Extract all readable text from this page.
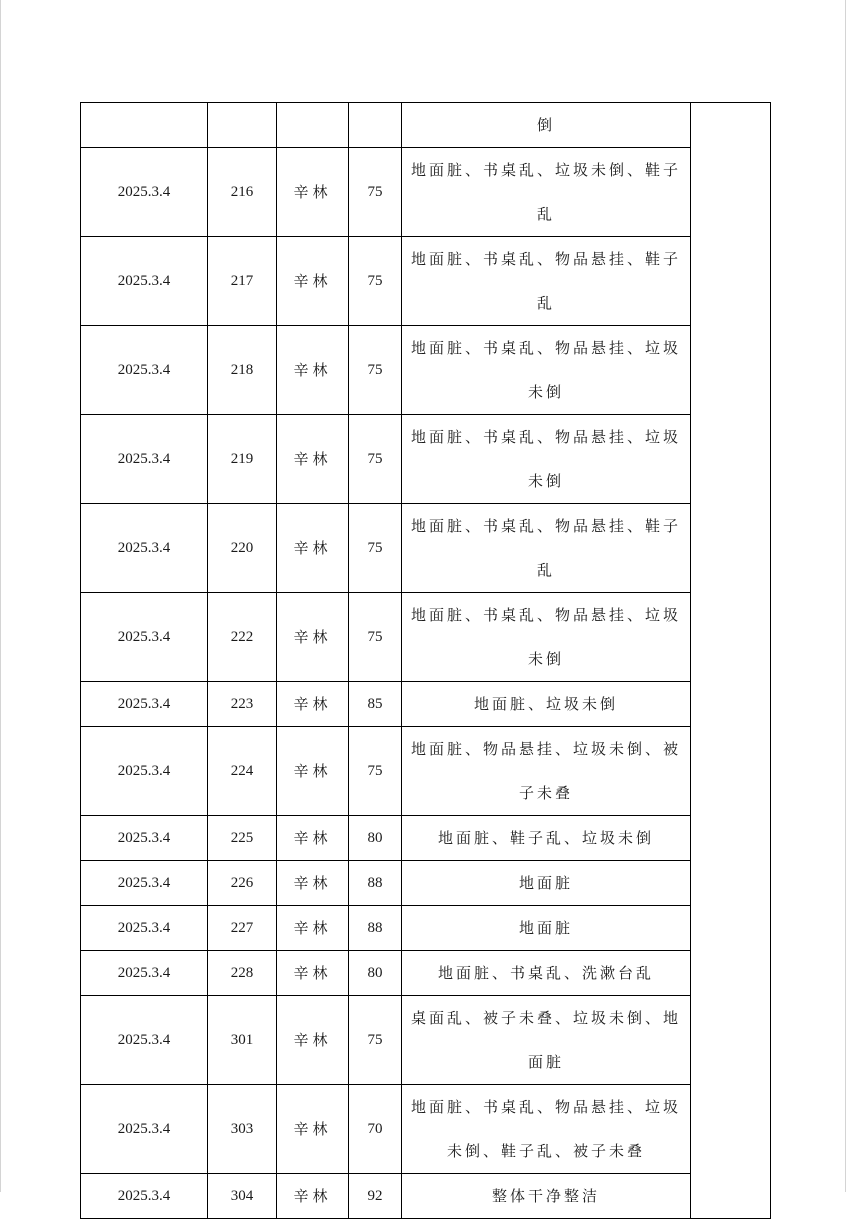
				倒	
2025.3.4	216	辛林	75	地面脏、书桌乱、垃圾未倒、鞋子乱	
2025.3.4	217	辛林	75	地面脏、书桌乱、物品悬挂、鞋子乱	
2025.3.4	218	辛林	75	地面脏、书桌乱、物品悬挂、垃圾未倒	
2025.3.4	219	辛林	75	地面脏、书桌乱、物品悬挂、垃圾未倒	
2025.3.4	220	辛林	75	地面脏、书桌乱、物品悬挂、鞋子乱	
2025.3.4	222	辛林	75	地面脏、书桌乱、物品悬挂、垃圾未倒	
2025.3.4	223	辛林	85	地面脏、垃圾未倒	
2025.3.4	224	辛林	75	地面脏、物品悬挂、垃圾未倒、被子未叠	
2025.3.4	225	辛林	80	地面脏、鞋子乱、垃圾未倒	
2025.3.4	226	辛林	88	地面脏	
2025.3.4	227	辛林	88	地面脏	
2025.3.4	228	辛林	80	地面脏、书桌乱、洗漱台乱	
2025.3.4	301	辛林	75	桌面乱、被子未叠、垃圾未倒、地面脏	
2025.3.4	303	辛林	70	地面脏、书桌乱、物品悬挂、垃圾未倒、鞋子乱、被子未叠	
2025.3.4	304	辛林	92	整体干净整洁	
